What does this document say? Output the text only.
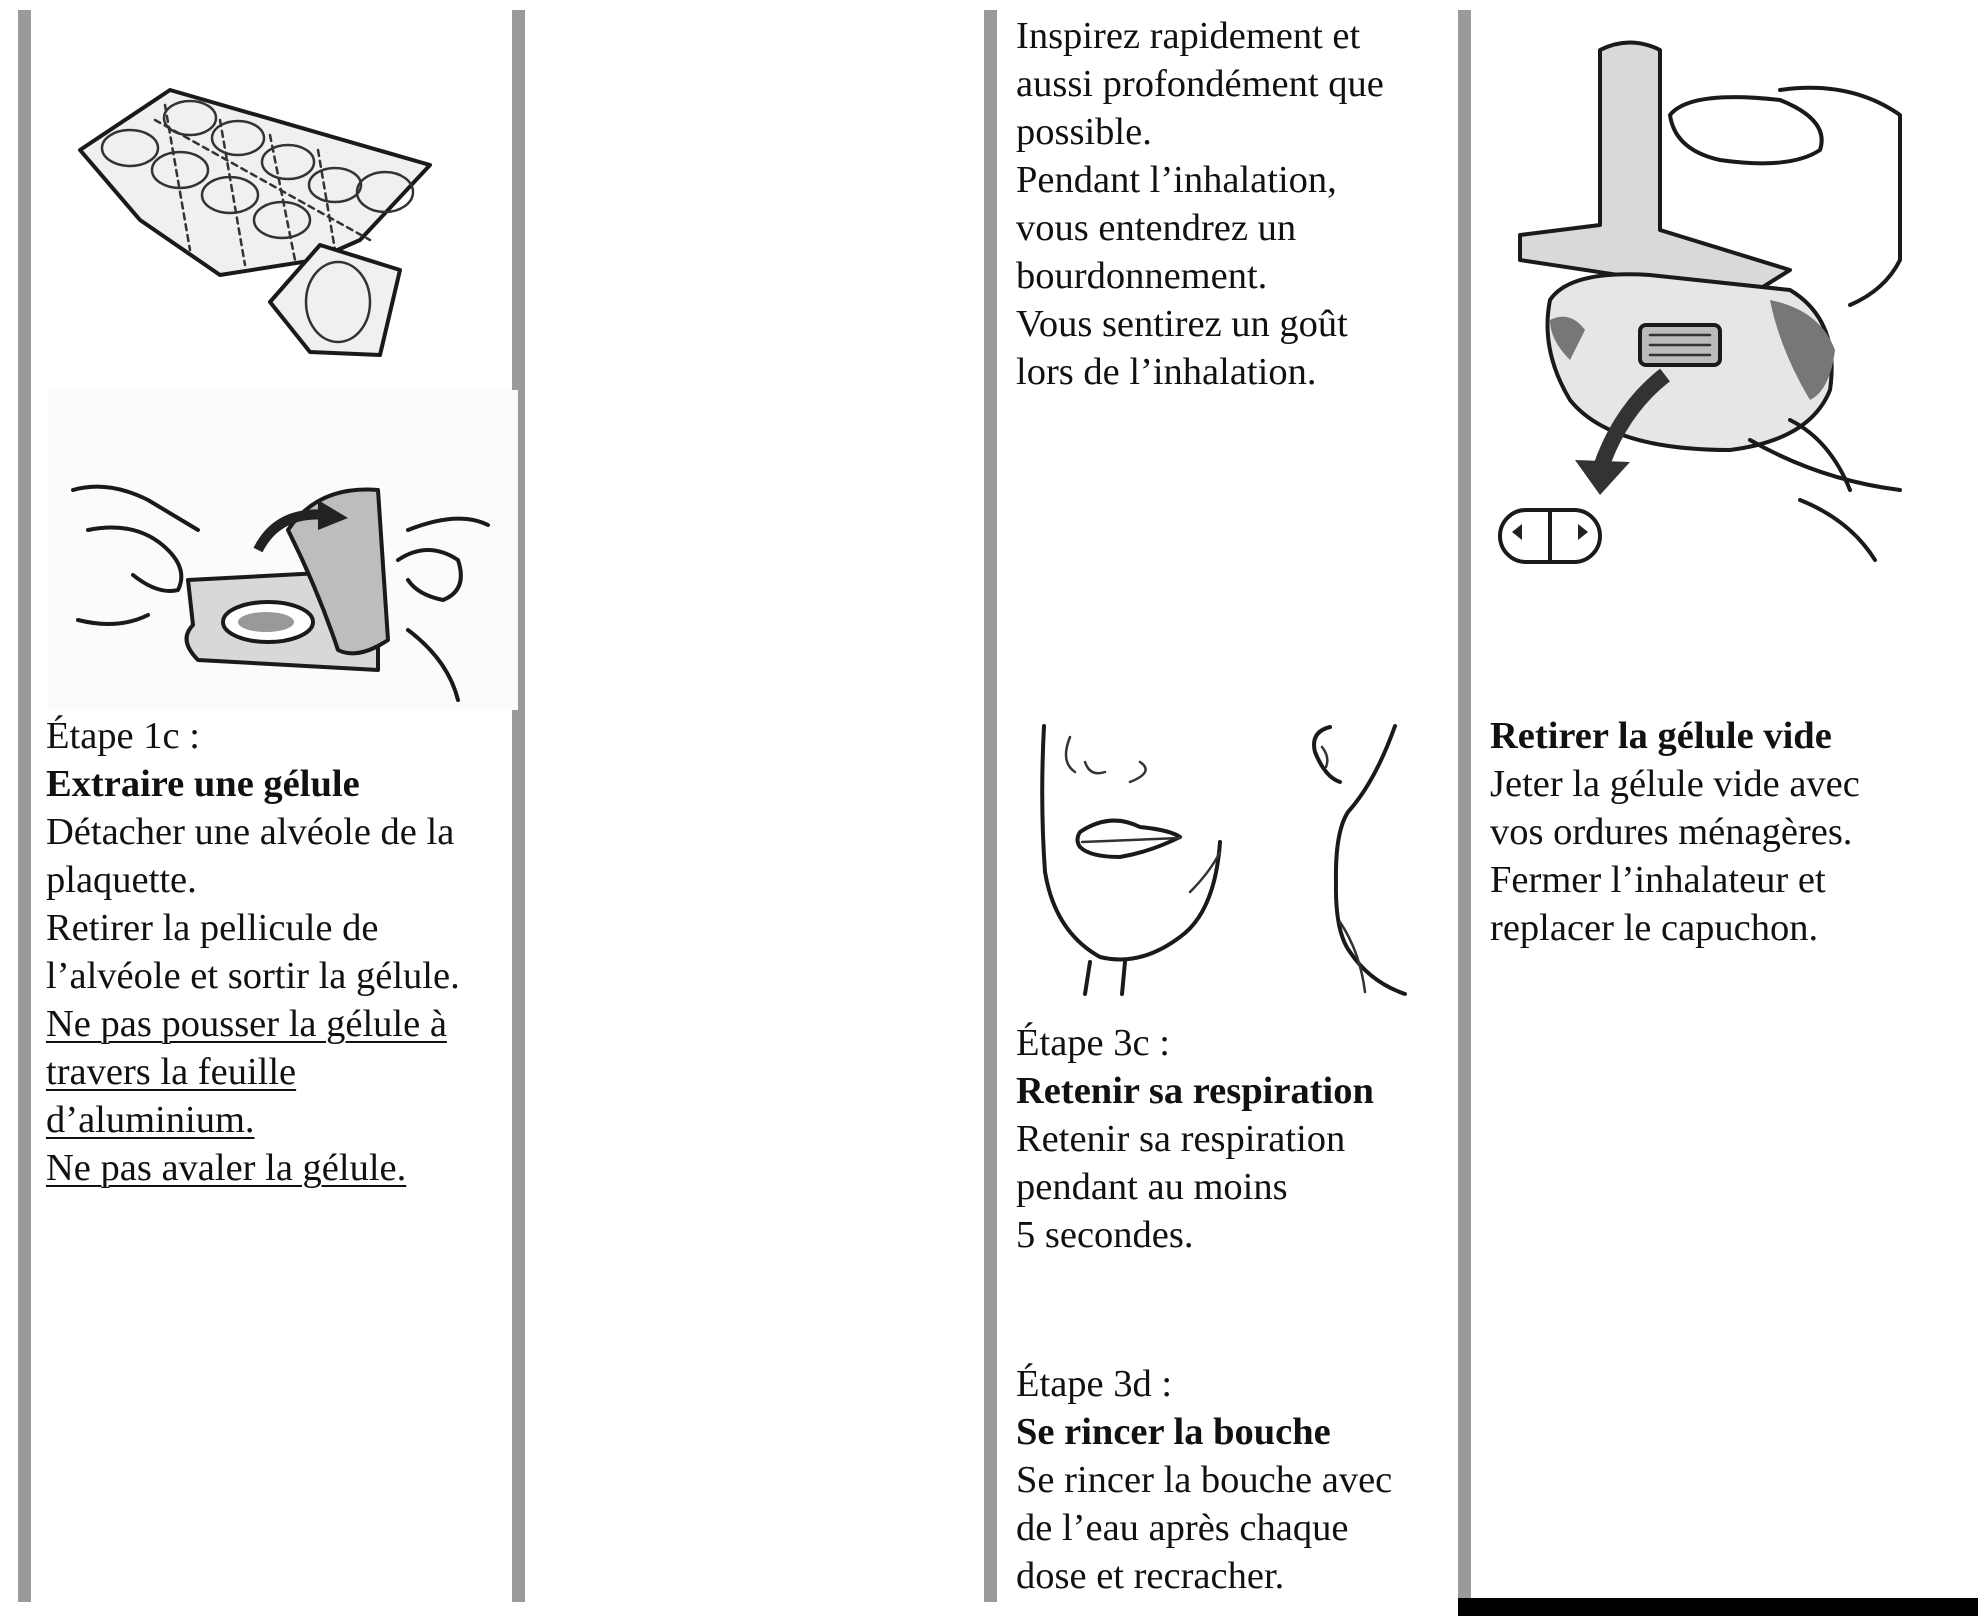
Étape 1c :
Extraire une gélule
Détacher une alvéole de la
plaquette.
Retirer la pellicule de
l’alvéole et sortir la gélule.
Ne pas pousser la gélule à
travers la feuille
d’aluminium.
Ne pas avaler la gélule.
Inspirez rapidement et
aussi profondément que
possible.
Pendant l’inhalation,
vous entendrez un
bourdonnement.
Vous sentirez un goût
lors de l’inhalation.
Étape 3c :
Retenir sa respiration
Retenir sa respiration
pendant au moins
5 secondes.
Étape 3d :
Se rincer la bouche
Se rincer la bouche avec
de l’eau après chaque
dose et recracher.
Retirer la gélule vide
Jeter la gélule vide avec
vos ordures ménagères.
Fermer l’inhalateur et
replacer le capuchon.
